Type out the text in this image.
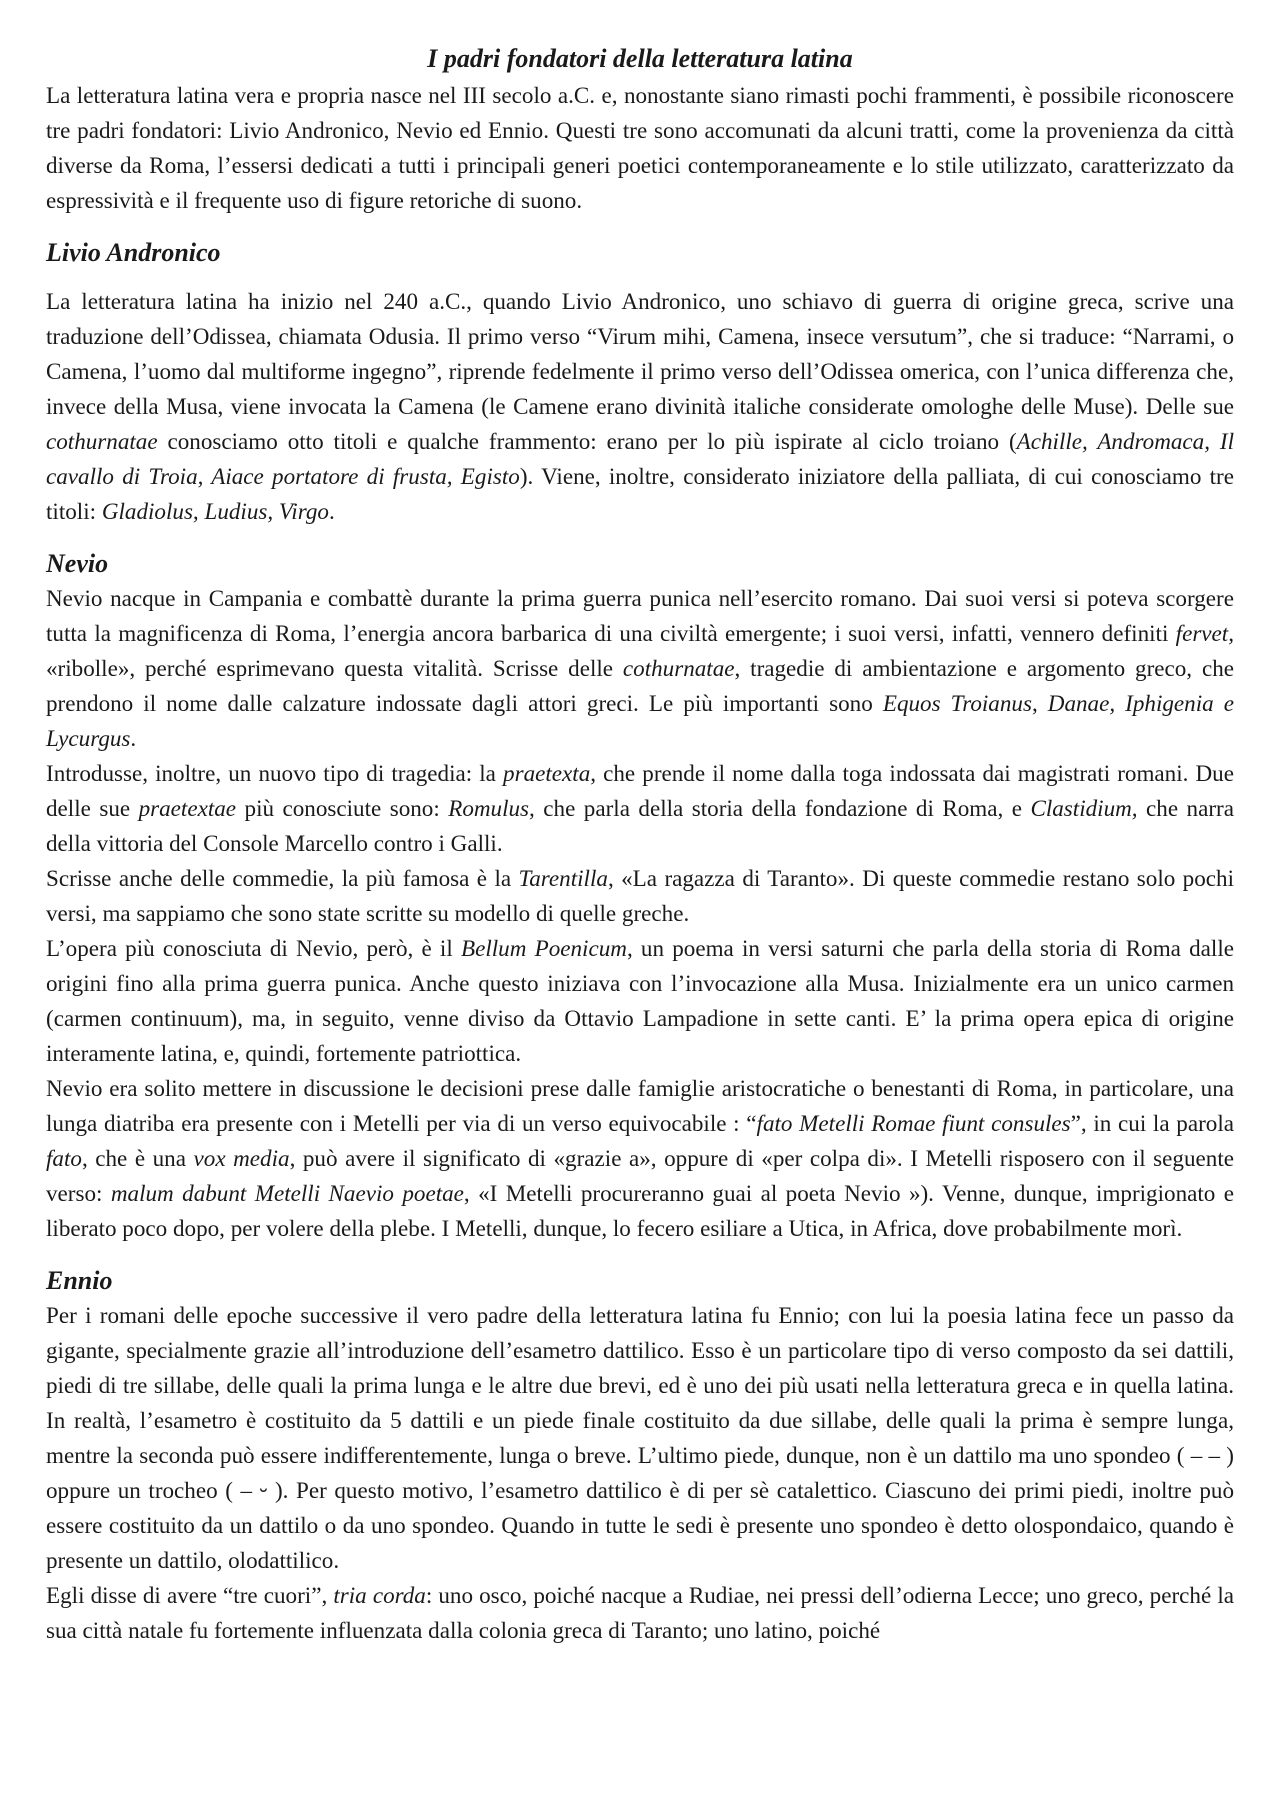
I padri fondatori della letteratura latina

La letteratura latina vera e propria nasce nel III secolo a.C. e, nonostante siano rimasti pochi frammenti, è possibile riconoscere tre padri fondatori: Livio Andronico, Nevio ed Ennio. Questi tre sono accomunati da alcuni tratti, come la provenienza da città diverse da Roma, l’essersi dedicati a tutti i principali generi poetici contemporaneamente e lo stile utilizzato, caratterizzato da espressività e il frequente uso di figure retoriche di suono.

Livio Andronico

La letteratura latina ha inizio nel 240 a.C., quando Livio Andronico, uno schiavo di guerra di origine greca, scrive una traduzione dell’Odissea, chiamata Odusia. Il primo verso “Virum mihi, Camena, insece versutum”, che si traduce: “Narrami, o Camena, l’uomo dal multiforme ingegno”, riprende fedelmente il primo verso dell’Odissea omerica, con l’unica differenza che, invece della Musa, viene invocata la Camena (le Camene erano divinità italiche considerate omologhe delle Muse). Delle sue cothurnatae conosciamo otto titoli e qualche frammento: erano per lo più ispirate al ciclo troiano (Achille, Andromaca, Il cavallo di Troia, Aiace portatore di frusta, Egisto). Viene, inoltre, considerato iniziatore della palliata, di cui conosciamo tre titoli: Gladiolus, Ludius, Virgo.

Nevio

Nevio nacque in Campania e combattè durante la prima guerra punica nell’esercito romano. Dai suoi versi si poteva scorgere tutta la magnificenza di Roma, l’energia ancora barbarica di una civiltà emergente; i suoi versi, infatti, vennero definiti fervet, «ribolle», perché esprimevano questa vitalità. Scrisse delle cothurnatae, tragedie di ambientazione e argomento greco, che prendono il nome dalle calzature indossate dagli attori greci. Le più importanti sono Equos Troianus, Danae, Iphigenia e Lycurgus.

Introdusse, inoltre, un nuovo tipo di tragedia: la praetexta, che prende il nome dalla toga indossata dai magistrati romani. Due delle sue praetextae più conosciute sono: Romulus, che parla della storia della fondazione di Roma, e Clastidium, che narra della vittoria del Console Marcello contro i Galli.

Scrisse anche delle commedie, la più famosa è la Tarentilla, «La ragazza di Taranto». Di queste commedie restano solo pochi versi, ma sappiamo che sono state scritte su modello di quelle greche.

L’opera più conosciuta di Nevio, però, è il Bellum Poenicum, un poema in versi saturni che parla della storia di Roma dalle origini fino alla prima guerra punica. Anche questo iniziava con l’invocazione alla Musa. Inizialmente era un unico carmen (carmen continuum), ma, in seguito, venne diviso da Ottavio Lampadione in sette canti. E’ la prima opera epica di origine interamente latina, e, quindi, fortemente patriottica.

Nevio era solito mettere in discussione le decisioni prese dalle famiglie aristocratiche o benestanti di Roma, in particolare, una lunga diatriba era presente con i Metelli per via di un verso equivocabile : “fato Metelli Romae fiunt consules”, in cui la parola fato, che è una vox media, può avere il significato di «grazie a», oppure di «per colpa di». I Metelli risposero con il seguente verso: malum dabunt Metelli Naevio poetae, «I Metelli procureranno guai al poeta Nevio »). Venne, dunque, imprigionato e liberato poco dopo, per volere della plebe. I Metelli, dunque, lo fecero esiliare a Utica, in Africa, dove probabilmente morì.

Ennio

Per i romani delle epoche successive il vero padre della letteratura latina fu Ennio; con lui la poesia latina fece un passo da gigante, specialmente grazie all’introduzione dell’esametro dattilico. Esso è un particolare tipo di verso composto da sei dattili, piedi di tre sillabe, delle quali la prima lunga e le altre due brevi, ed è uno dei più usati nella letteratura greca e in quella latina. In realtà, l’esametro è costituito da 5 dattili e un piede finale costituito da due sillabe, delle quali la prima è sempre lunga, mentre la seconda può essere indifferentemente, lunga o breve. L’ultimo piede, dunque, non è un dattilo ma uno spondeo ( – – ) oppure un trocheo ( – ⏑ ). Per questo motivo, l’esametro dattilico è di per sè catalettico. Ciascuno dei primi piedi, inoltre può essere costituito da un dattilo o da uno spondeo. Quando in tutte le sedi è presente uno spondeo è detto olospondaico, quando è presente un dattilo, olodattilico.

Egli disse di avere “tre cuori”, tria corda: uno osco, poiché nacque a Rudiae, nei pressi dell’odierna Lecce; uno greco, perché la sua città natale fu fortemente influenzata dalla colonia greca di Taranto; uno latino, poiché
